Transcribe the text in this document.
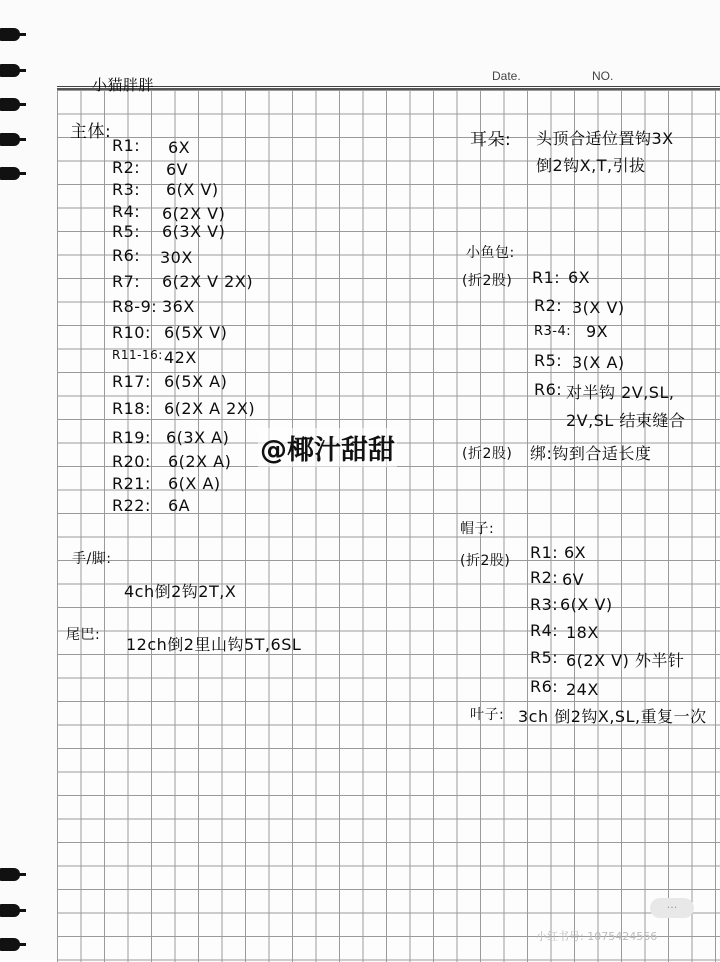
小猫胖胖	Date.	NO.
主体:
R1: 6X
R2: 6V
R3: 6(X V)
R4: 6(2X V)
R5: 6(3X V)
R6: 30X
R7: 6(2X V 2X)
R8-9: 36X
R10: 6(5X V)
R11-16: 42X
R17: 6(5X A)
R18: 6(2X A 2X)
R19: 6(3X A)
R20: 6(2X A)
R21: 6(X A)
R22: 6A
手/脚:
4ch倒2钩2T,X
尾巴: 12ch倒2里山钩5T,6SL
耳朵: 头顶合适位置钩3X
倒2钩X,T,引拔
小鱼包:
(折2股) R1: 6X
R2: 3(X V)
R3-4: 9X
R5: 3(X A)
R6: 对半钩 2V,SL,
2V,SL 结束缝合
(折2股) 绑:钩到合适长度
帽子:
(折2股) R1: 6X
R2: 6V
R3: 6(X V)
R4: 18X
R5: 6(2X V) 外半针
R6: 24X
叶子: 3ch 倒2钩X,SL,重复一次
@椰汁甜甜
···
小红书号: 1075424566
